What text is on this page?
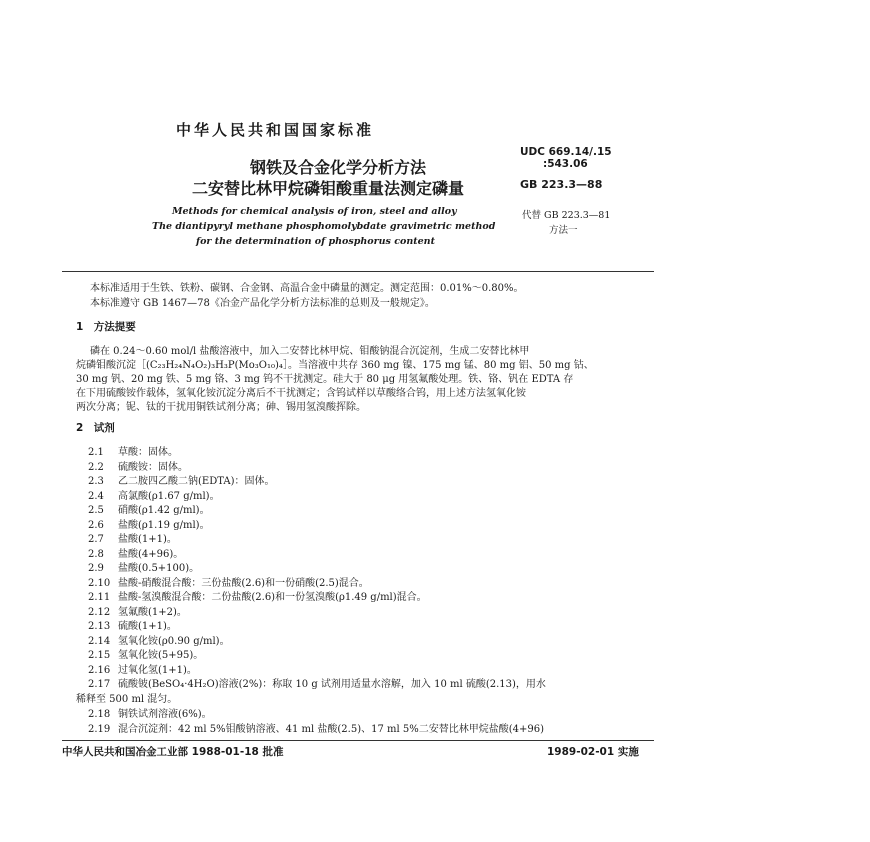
中华人民共和国国家标准
钢铁及合金化学分析方法
二安替比林甲烷磷钼酸重量法测定磷量
Methods for chemical analysis of iron, steel and alloy
The diantipyryl methane phosphomolybdate gravimetric method
for the determination of phosphorus content
UDC 669.14/.15
:543.06
GB 223.3—88
代替 GB 223.3—81
方法一
本标准适用于生铁、铁粉、碳钢、合金钢、高温合金中磷量的测定。测定范围：0.01%～0.80%。
本标准遵守 GB 1467—78《冶金产品化学分析方法标准的总则及一般规定》。
1　方法提要
磷在 0.24～0.60 mol/l 盐酸溶液中，加入二安替比林甲烷、钼酸钠混合沉淀剂，生成二安替比林甲
烷磷钼酸沉淀［(C₂₃H₂₄N₄O₂)₃H₃P(Mo₃O₁₀)₄］。当溶液中共存 360 mg 镍、175 mg 锰、80 mg 铝、50 mg 钴、
30 mg 钒、20 mg 铁、5 mg 铬、3 mg 钨不干扰测定。硅大于 80 μg 用氢氟酸处理。铁、铬、钒在 EDTA 存
在下用硫酸铵作载体，氢氧化铵沉淀分离后不干扰测定；含钨试样以草酸络合钨，用上述方法氢氧化铵
两次分离；铌、钛的干扰用铜铁试剂分离；砷、锡用氢溴酸挥除。
2　试剂
2.1 草酸：固体。
2.2 硫酸铵：固体。
2.3 乙二胺四乙酸二钠(EDTA)：固体。
2.4 高氯酸(ρ1.67 g/ml)。
2.5 硝酸(ρ1.42 g/ml)。
2.6 盐酸(ρ1.19 g/ml)。
2.7 盐酸(1+1)。
2.8 盐酸(4+96)。
2.9 盐酸(0.5+100)。
2.10 盐酸-硝酸混合酸：三份盐酸(2.6)和一份硝酸(2.5)混合。
2.11 盐酸-氢溴酸混合酸：二份盐酸(2.6)和一份氢溴酸(ρ1.49 g/ml)混合。
2.12 氢氟酸(1+2)。
2.13 硫酸(1+1)。
2.14 氢氧化铵(ρ0.90 g/ml)。
2.15 氢氧化铵(5+95)。
2.16 过氧化氢(1+1)。
2.17 硫酸铍(BeSO₄·4H₂O)溶液(2%)：称取 10 g 试剂用适量水溶解，加入 10 ml 硫酸(2.13)，用水
稀释至 500 ml 混匀。
2.18 铜铁试剂溶液(6%)。
2.19 混合沉淀剂：42 ml 5%钼酸钠溶液、41 ml 盐酸(2.5)、17 ml 5%二安替比林甲烷盐酸(4+96)
中华人民共和国冶金工业部 1988-01-18 批准	1989-02-01 实施
